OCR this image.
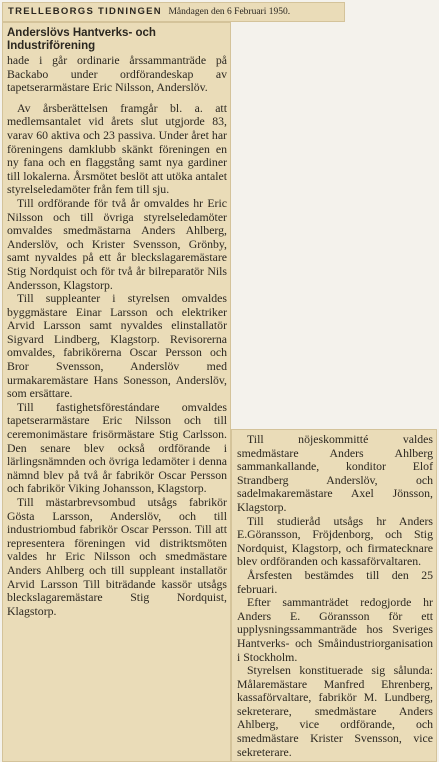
TRELLEBORGS TIDNINGEN Måndagen den 6 Februari 1950.
Anderslövs Hantverks- och Industriförening

hade i går ordinarie årssammanträde på Backabo under ordförandeskap av tapetserarmästare Eric Nilsson, Anderslöv.

Av årsberättelsen framgår bl. a. att medlemsantalet vid årets slut utgjorde 83, varav 60 aktiva och 23 passiva. Under året har föreningens damklubb skänkt föreningen en ny fana och en flaggstång samt nya gardiner till lokalerna. Årsmötet beslöt att utöka antalet styrelseledamöter från fem till sju.

Till ordförande för två år omvaldes hr Eric Nilsson och till övriga styrelseledamöter omvaldes smedmästarna Anders Ahlberg, Anderslöv, och Krister Svensson, Grönby, samt nyvaldes på ett år bleckslagaremästare Stig Nordquist och för två år bilreparatör Nils Andersson, Klagstorp.

Till suppleanter i styrelsen omvaldes byggmästare Einar Larsson och elektriker Arvid Larsson samt nyvaldes elinstallatör Sigvard Lindberg, Klagstorp. Revisorerna omvaldes, fabrikörerna Oscar Persson och Bror Svensson, Anderslöv med urmakaremästare Hans Sonesson, Anderslöv, som ersättare.

Till fastighetsförestándare omvaldes tapetserarmästare Eric Nilsson och till ceremonimästare frisörmästare Stig Carlsson. Den senare blev också ordförande i lärlingsnämnden och övriga ledamöter i denna nämnd blev på två år fabrikör Oscar Persson och fabrikör Viking Johansson, Klagstorp.

Till mästarbrevsombud utsågs fabrikör Gösta Larsson, Anderslöv, och till industriombud fabrikör Oscar Persson. Till att representera föreningen vid distriktsmöten valdes hr Eric Nilsson och smedmästare Anders Ahlberg och till suppleant installatör Arvid Larsson Till biträdande kassör utsågs bleckslagaremästare Stig Nordquist, Klagstorp.

Till nöjeskommitté valdes smedmästare Anders Ahlberg sammankallande, konditor Elof Strandberg Anderslöv, och sadelmakaremästare Axel Jönsson, Klagstorp.

Till studieråd utsågs hr Anders E.Göransson, Fröjdenborg, och Stig Nordquist, Klagstorp, och firmatecknare blev ordföranden och kassaförvaltaren.

Årsfesten bestämdes till den 25 februari.

Efter sammanträdet redogjorde hr Anders E. Göransson för ett upplysningssammanträde hos Sveriges Hantverks- och Småindustriorganisation i Stockholm.

Styrelsen konstituerade sig sålunda: Målaremästare Manfred Ehrenberg, kassaförvaltare, fabrikör M. Lundberg, sekreterare, smedmästare Anders Ahlberg, vice ordförande, och smedmästare Krister Svensson, vice sekreterare.
